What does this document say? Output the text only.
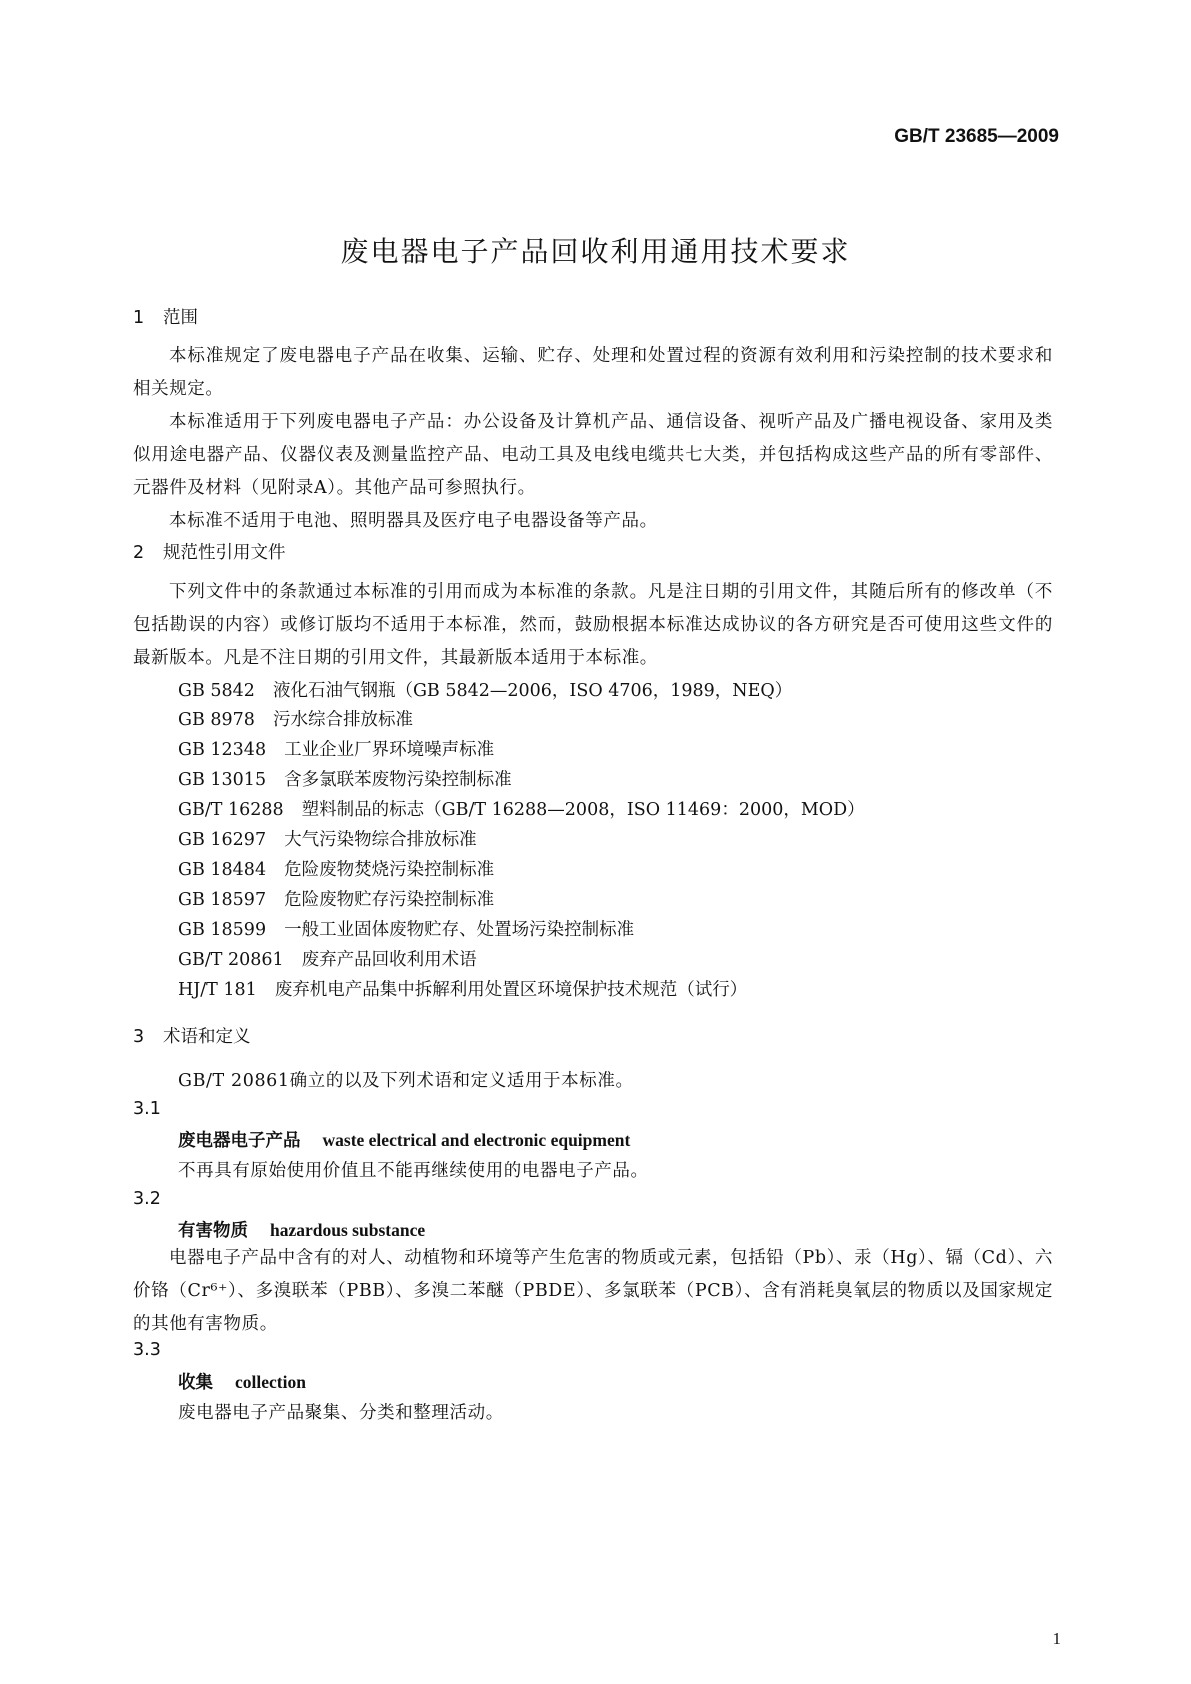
GB/T 23685—2009
废电器电子产品回收利用通用技术要求
1 范围

本标准规定了废电器电子产品在收集、运输、贮存、处理和处置过程的资源有效利用和污染控制的技术要求和相关规定。

本标准适用于下列废电器电子产品：办公设备及计算机产品、通信设备、视听产品及广播电视设备、家用及类似用途电器产品、仪器仪表及测量监控产品、电动工具及电线电缆共七大类，并包括构成这些产品的所有零部件、元器件及材料（见附录A）。其他产品可参照执行。

本标准不适用于电池、照明器具及医疗电子电器设备等产品。

2 规范性引用文件

下列文件中的条款通过本标准的引用而成为本标准的条款。凡是注日期的引用文件，其随后所有的修改单（不包括勘误的内容）或修订版均不适用于本标准，然而，鼓励根据本标准达成协议的各方研究是否可使用这些文件的最新版本。凡是不注日期的引用文件，其最新版本适用于本标准。

GB 5842 液化石油气钢瓶（GB 5842—2006，ISO 4706，1989，NEQ）
GB 8978 污水综合排放标准
GB 12348 工业企业厂界环境噪声标准
GB 13015 含多氯联苯废物污染控制标准
GB/T 16288 塑料制品的标志（GB/T 16288—2008，ISO 11469：2000，MOD）
GB 16297 大气污染物综合排放标准
GB 18484 危险废物焚烧污染控制标准
GB 18597 危险废物贮存污染控制标准
GB 18599 一般工业固体废物贮存、处置场污染控制标准
GB/T 20861 废弃产品回收利用术语
HJ/T 181 废弃机电产品集中拆解利用处置区环境保护技术规范（试行）
3 术语和定义
GB/T 20861确立的以及下列术语和定义适用于本标准。
3.1
废电器电子产品 waste electrical and electronic equipment
不再具有原始使用价值且不能再继续使用的电器电子产品。
3.2
有害物质 hazardous substance

电器电子产品中含有的对人、动植物和环境等产生危害的物质或元素，包括铅（Pb）、汞（Hg）、镉（Cd）、六价铬（Cr⁶⁺）、多溴联苯（PBB）、多溴二苯醚（PBDE）、多氯联苯（PCB）、含有消耗臭氧层的物质以及国家规定的其他有害物质。

3.3
收集 collection
废电器电子产品聚集、分类和整理活动。
1
